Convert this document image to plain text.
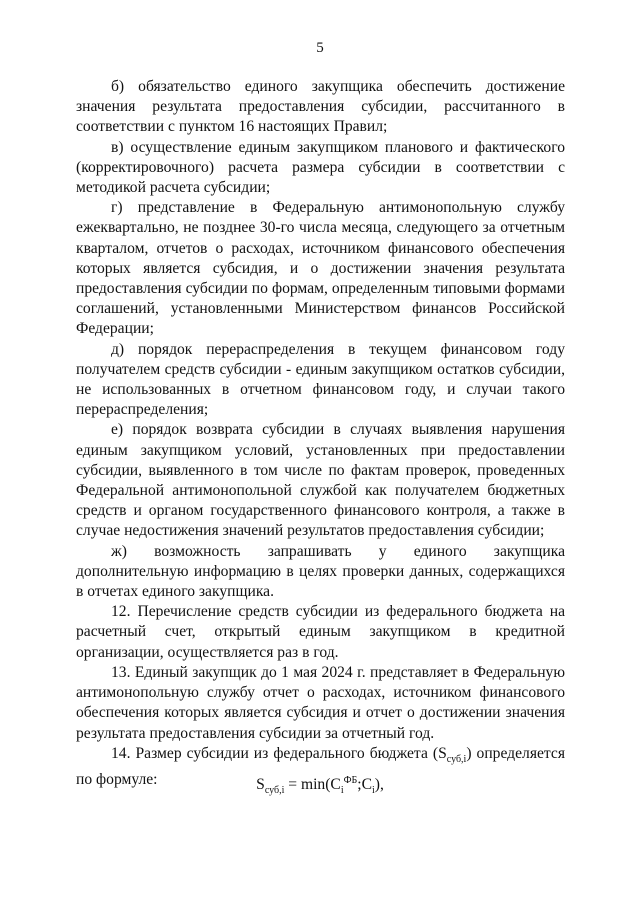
5

б) обязательство единого закупщика обеспечить достижение значения результата предоставления субсидии, рассчитанного в соответствии с пунктом 16 настоящих Правил;

в) осуществление единым закупщиком планового и фактического (корректировочного) расчета размера субсидии в соответствии с методикой расчета субсидии;

г) представление в Федеральную антимонопольную службу ежеквартально, не позднее 30-го числа месяца, следующего за отчетным кварталом, отчетов о расходах, источником финансового обеспечения которых является субсидия, и о достижении значения результата предоставления субсидии по формам, определенным типовыми формами соглашений, установленными Министерством финансов Российской Федерации;

д) порядок перераспределения в текущем финансовом году получателем средств субсидии - единым закупщиком остатков субсидии, не использованных в отчетном финансовом году, и случаи такого перераспределения;

е) порядок возврата субсидии в случаях выявления нарушения единым закупщиком условий, установленных при предоставлении субсидии, выявленного в том числе по фактам проверок, проведенных Федеральной антимонопольной службой как получателем бюджетных средств и органом государственного финансового контроля, а также в случае недостижения значений результатов предоставления субсидии;

ж) возможность запрашивать у единого закупщика дополнительную информацию в целях проверки данных, содержащихся в отчетах единого закупщика.

12. Перечисление средств субсидии из федерального бюджета на расчетный счет, открытый единым закупщиком в кредитной организации, осуществляется раз в год.

13. Единый закупщик до 1 мая 2024 г. представляет в Федеральную антимонопольную службу отчет о расходах, источником финансового обеспечения которых является субсидия и отчет о достижении значения результата предоставления субсидии за отчетный год.

14. Размер субсидии из федерального бюджета $(S_{суб,i})$ определяется по формуле:	$S_{суб,i}$ = $\min(C_i^{ФБ};C_i)$,
